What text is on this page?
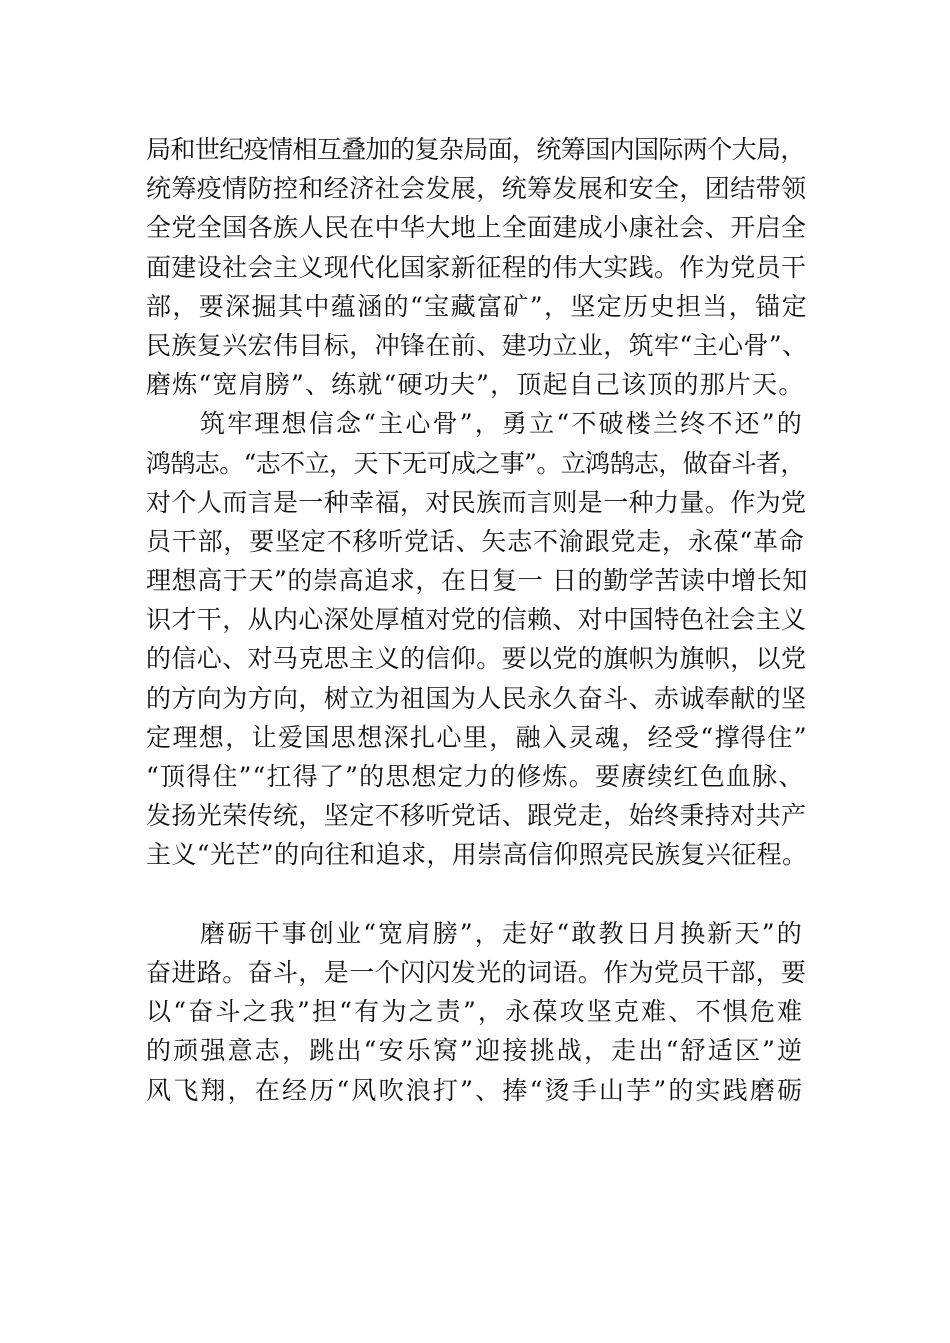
局和世纪疫情相互叠加的复杂局面，统筹国内国际两个大局，
统筹疫情防控和经济社会发展，统筹发展和安全，团结带领
全党全国各族人民在中华大地上全面建成小康社会、开启全
面建设社会主义现代化国家新征程的伟大实践。作为党员干
部，要深掘其中蕴涵的“宝藏富矿”，坚定历史担当，锚定
民族复兴宏伟目标，冲锋在前、建功立业，筑牢“主心骨”、
磨炼“宽肩膀”、练就“硬功夫”，顶起自己该顶的那片天。
筑牢理想信念“主心骨”，勇立“不破楼兰终不还”的
鸿鹄志。“志不立，天下无可成之事”。立鸿鹄志，做奋斗者，
对个人而言是一种幸福，对民族而言则是一种力量。作为党
员干部，要坚定不移听党话、矢志不渝跟党走，永葆“革命
理想高于天”的崇高追求，在日复一 日的勤学苦读中增长知
识才干，从内心深处厚植对党的信赖、对中国特色社会主义
的信心、对马克思主义的信仰。要以党的旗帜为旗帜，以党
的方向为方向，树立为祖国为人民永久奋斗、赤诚奉献的坚
定理想，让爱国思想深扎心里，融入灵魂，经受“撑得住”
“顶得住”“扛得了”的思想定力的修炼。要赓续红色血脉、
发扬光荣传统，坚定不移听党话、跟党走，始终秉持对共产
主义“光芒”的向往和追求，用崇高信仰照亮民族复兴征程。
磨砺干事创业“宽肩膀”，走好“敢教日月换新天”的
奋进路。奋斗，是一个闪闪发光的词语。作为党员干部，要
以“奋斗之我”担“有为之责”，永葆攻坚克难、不惧危难
的顽强意志，跳出“安乐窝”迎接挑战，走出“舒适区”逆
风飞翔，在经历“风吹浪打”、捧“烫手山芋”的实践磨砺
